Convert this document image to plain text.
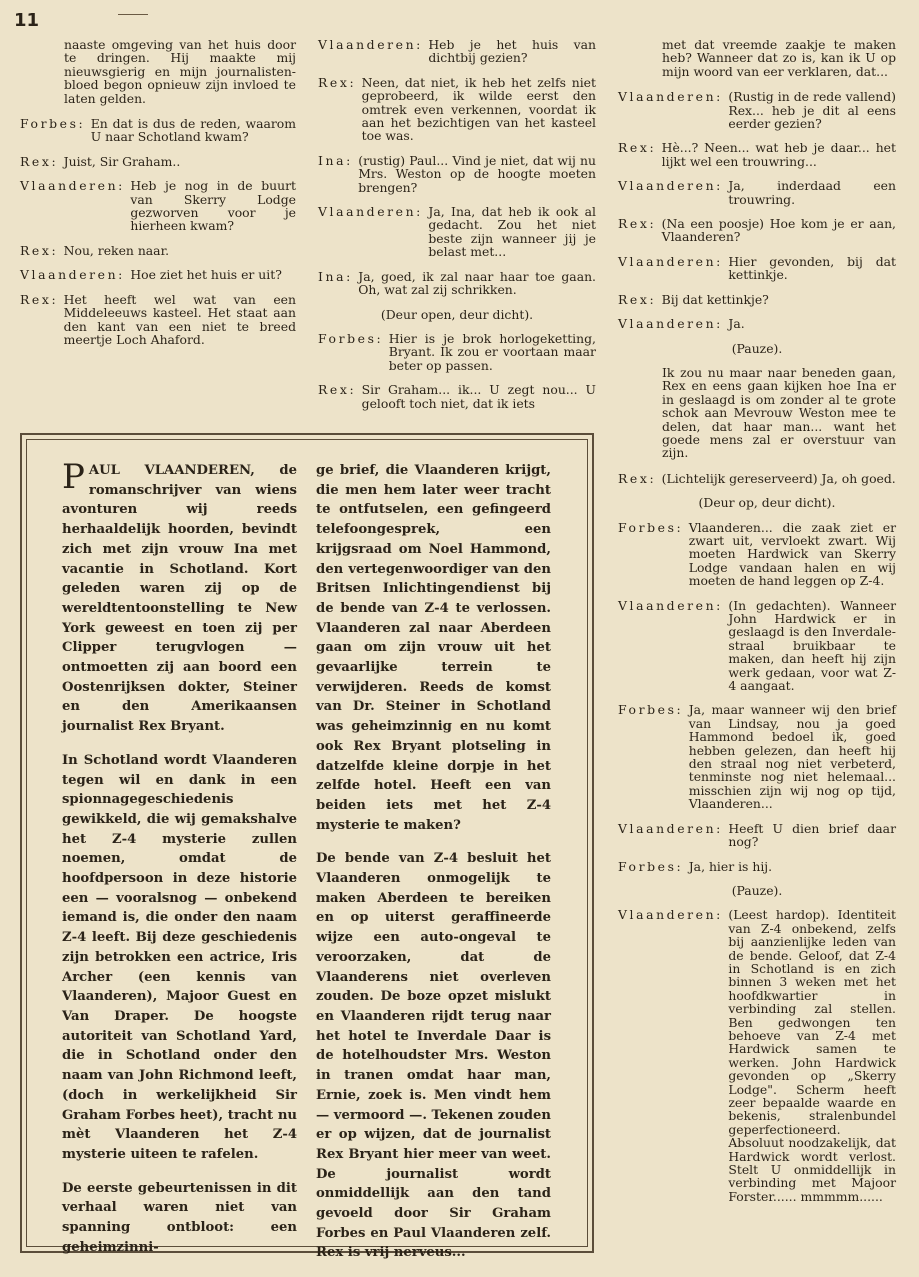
11

naaste omgeving van het huis door te dringen. Hij maakte mij nieuwsgierig en mijn journalisten-bloed begon opnieuw zijn invloed te laten gelden.

Forbes : En dat is dus de reden, waarom U naar Schotland kwam?
Rex : Juist, Sir Graham..
Vlaanderen : Heb je nog in de buurt van Skerry Lodge gezworven voor je hierheen kwam?
Rex : Nou, reken naar.
Vlaanderen : Hoe ziet het huis er uit?
Rex : Het heeft wel wat van een Middeleeuws kasteel. Het staat aan den kant van een niet te breed meertje Loch Ahaford.
Vlaanderen : Heb je het huis van dichtbij gezien?
Rex : Neen, dat niet, ik heb het zelfs niet geprobeerd, ik wilde eerst den omtrek even verkennen, voordat ik aan het bezichtigen van het kasteel toe was.
Ina : (rustig) Paul... Vind je niet, dat wij nu Mrs. Weston op de hoogte moeten brengen?
Vlaanderen : Ja, Ina, dat heb ik ook al gedacht. Zou het niet beste zijn wanneer jij je belast met...
Ina : Ja, goed, ik zal naar haar toe gaan. Oh, wat zal zij schrikken.
(Deur open, deur dicht).
Forbes : Hier is je brok horlogeketting, Bryant. Ik zou er voortaan maar beter op passen.
Rex : Sir Graham... ik... U zegt nou... U gelooft toch niet, dat ik iets

met dat vreemde zaakje te maken heb? Wanneer dat zo is, kan ik U op mijn woord van eer verklaren, dat...

Vlaanderen : (Rustig in de rede vallend) Rex... heb je dit al eens eerder gezien?
Rex : Hè...? Neen... wat heb je daar... het lijkt wel een trouwring...
Vlaanderen : Ja, inderdaad een trouwring.
Rex : (Na een poosje) Hoe kom je er aan, Vlaanderen?
Vlaanderen : Hier gevonden, bij dat kettinkje.
Rex : Bij dat kettinkje?
Vlaanderen : Ja.
(Pauze).

Ik zou nu maar naar beneden gaan, Rex en eens gaan kijken hoe Ina er in geslaagd is om zonder al te grote schok aan Mevrouw Weston mee te delen, dat haar man... want het goede mens zal er overstuur van zijn.

Rex : (Lichtelijk gereserveerd) Ja, oh goed.
(Deur op, deur dicht).
Forbes : Vlaanderen... die zaak ziet er zwart uit, vervloekt zwart. Wij moeten Hardwick van Skerry Lodge vandaan halen en wij moeten de hand leggen op Z-4.
Vlaanderen : (In gedachten). Wanneer John Hardwick er in geslaagd is den Inverdale-straal bruikbaar te maken, dan heeft hij zijn werk gedaan, voor wat Z-4 aangaat.
Forbes : Ja, maar wanneer wij den brief van Lindsay, nou ja goed Hammond bedoel ik, goed hebben gelezen, dan heeft hij den straal nog niet verbeterd, tenminste nog niet helemaal... misschien zijn wij nog op tijd, Vlaanderen...
Vlaanderen : Heeft U dien brief daar nog?
Forbes : Ja, hier is hij.
(Pauze).
Vlaanderen : (Leest hardop). Identiteit van Z-4 onbekend, zelfs bij aanzienlijke leden van de bende. Geloof, dat Z-4 in Schotland is en zich binnen 3 weken met het hoofdkwartier in verbinding zal stellen. Ben gedwongen ten behoeve van Z-4 met Hardwick samen te werken. John Hardwick gevonden op „Skerry Lodge". Scherm heeft zeer bepaalde waarde en bekenis, stralenbundel geperfectioneerd. Absoluut noodzakelijk, dat Hardwick wordt verlost. Stelt U onmiddellijk in verbinding met Majoor Forster...... mmmmm......

PAUL VLAANDEREN, de romanschrijver van wiens avonturen wij reeds herhaaldelijk hoorden, bevindt zich met zijn vrouw Ina met vacantie in Schotland. Kort geleden waren zij op de wereldtentoonstelling te New York geweest en toen zij per Clipper terugvlogen — ontmoetten zij aan boord een Oostenrijksen dokter, Steiner en den Amerikaansen journalist Rex Bryant.

In Schotland wordt Vlaanderen tegen wil en dank in een spionnagegeschiedenis gewikkeld, die wij gemakshalve het Z-4 mysterie zullen noemen, omdat de hoofdpersoon in deze historie een — vooralsnog — onbekend iemand is, die onder den naam Z-4 leeft. Bij deze geschiedenis zijn betrokken een actrice, Iris Archer (een kennis van Vlaanderen), Majoor Guest en Van Draper. De hoogste autoriteit van Schotland Yard, die in Schotland onder den naam van John Richmond leeft, (doch in werkelijkheid Sir Graham Forbes heet), tracht nu mèt Vlaanderen het Z-4 mysterie uiteen te rafelen.

De eerste gebeurtenissen in dit verhaal waren niet van spanning ontbloot: een geheimzinni-

ge brief, die Vlaanderen krijgt, die men hem later weer tracht te ontfutselen, een gefingeerd telefoongesprek, een krijgsraad om Noel Hammond, den vertegenwoordiger van den Britsen Inlichtingendienst bij de bende van Z-4 te verlossen. Vlaanderen zal naar Aberdeen gaan om zijn vrouw uit het gevaarlijke terrein te verwijderen. Reeds de komst van Dr. Steiner in Schotland was geheimzinnig en nu komt ook Rex Bryant plotseling in datzelfde kleine dorpje in het zelfde hotel. Heeft een van beiden iets met het Z-4 mysterie te maken?

De bende van Z-4 besluit het Vlaanderen onmogelijk te maken Aberdeen te bereiken en op uiterst geraffineerde wijze een auto-ongeval te veroorzaken, dat de Vlaanderens niet overleven zouden. De boze opzet mislukt en Vlaanderen rijdt terug naar het hotel te Inverdale Daar is de hotelhoudster Mrs. Weston in tranen omdat haar man, Ernie, zoek is. Men vindt hem — vermoord —. Tekenen zouden er op wijzen, dat de journalist Rex Bryant hier meer van weet. De journalist wordt onmiddellijk aan den tand gevoeld door Sir Graham Forbes en Paul Vlaanderen zelf. Rex is vrij nerveus...
